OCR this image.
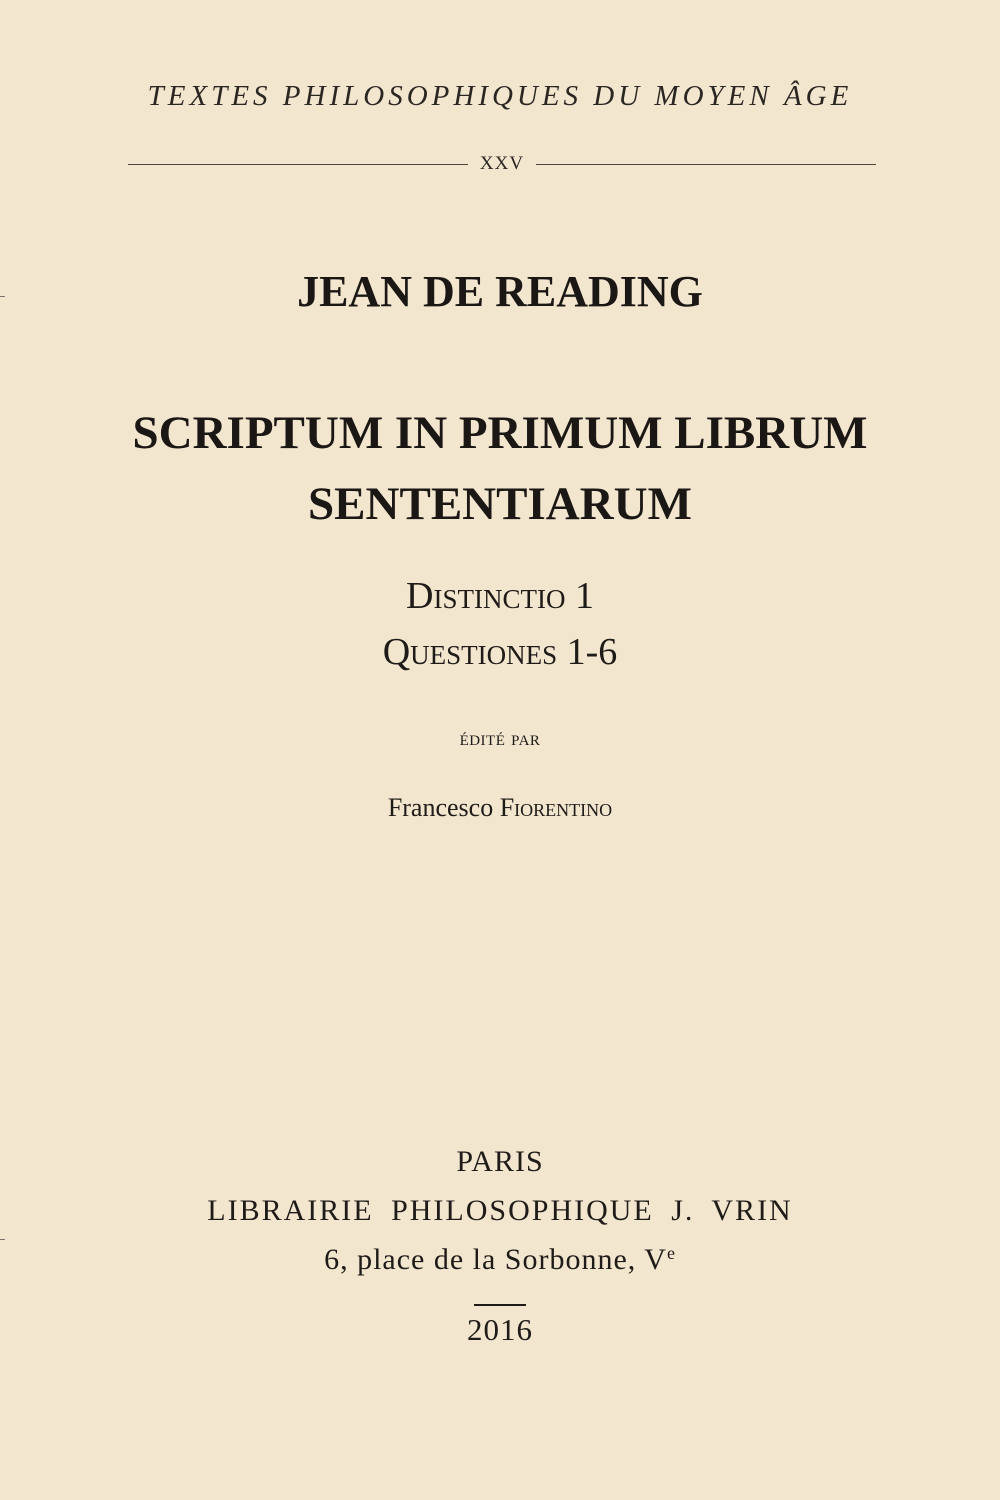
TEXTES PHILOSOPHIQUES DU MOYEN ÂGE
XXV
JEAN DE READING
SCRIPTUM IN PRIMUM LIBRUM
SENTENTIARUM
Distinctio 1
Questiones 1-6
édité par
Francesco Fiorentino
PARIS
LIBRAIRIE PHILOSOPHIQUE J. VRIN
6, place de la Sorbonne, Ve
2016
